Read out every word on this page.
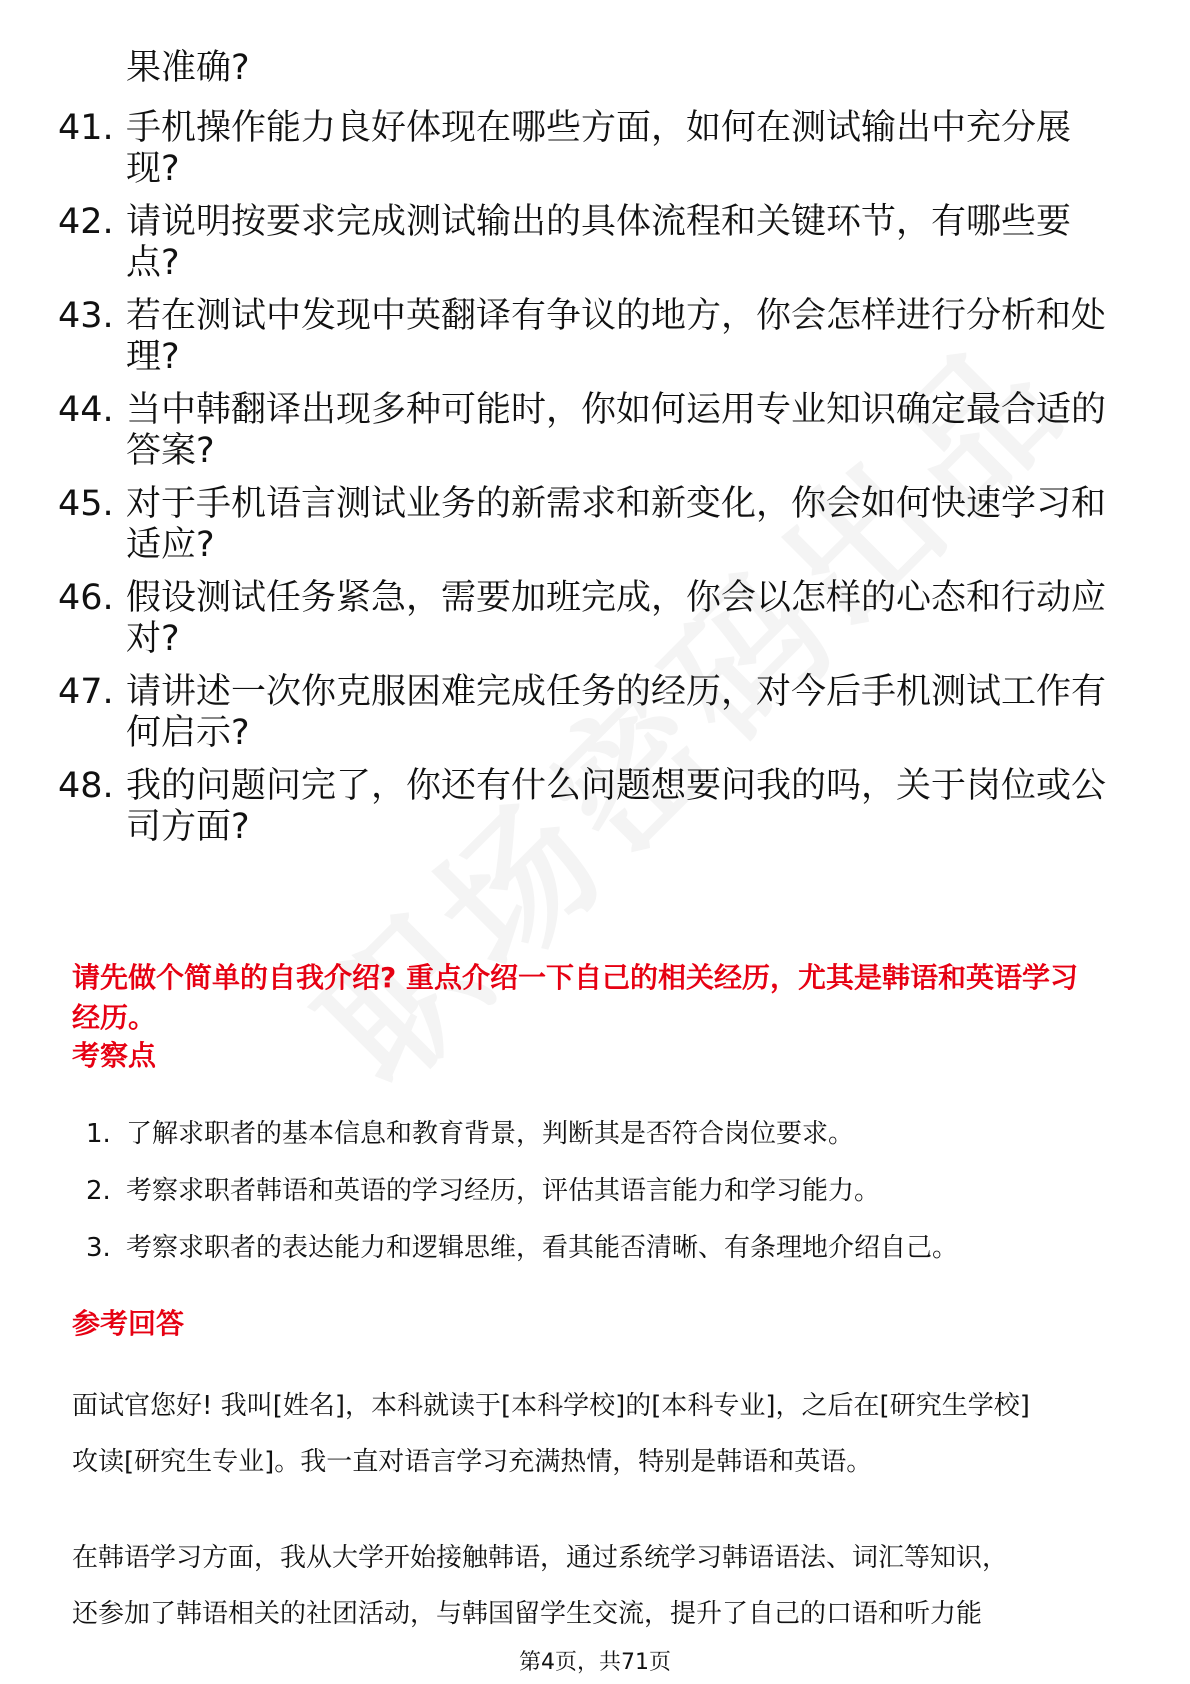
果准确?
41. 手机操作能力良好体现在哪些方面，如何在测试输出中充分展
现?
42. 请说明按要求完成测试输出的具体流程和关键环节，有哪些要
点?
43. 若在测试中发现中英翻译有争议的地方，你会怎样进行分析和处
理?
44. 当中韩翻译出现多种可能时，你如何运用专业知识确定最合适的
答案?
45. 对于手机语言测试业务的新需求和新变化，你会如何快速学习和
适应?
46. 假设测试任务紧急，需要加班完成，你会以怎样的心态和行动应
对?
47. 请讲述一次你克服困难完成任务的经历，对今后手机测试工作有
何启示?
48. 我的问题问完了，你还有什么问题想要问我的吗，关于岗位或公
司方面?
请先做个简单的自我介绍? 重点介绍一下自己的相关经历，尤其是韩语和英语学习
经历。
考察点
1. 了解求职者的基本信息和教育背景，判断其是否符合岗位要求。
2. 考察求职者韩语和英语的学习经历，评估其语言能力和学习能力。
3. 考察求职者的表达能力和逻辑思维，看其能否清晰、有条理地介绍自己。
参考回答
面试官您好! 我叫[姓名]，本科就读于[本科学校]的[本科专业]，之后在[研究生学校]
攻读[研究生专业]。我一直对语言学习充满热情，特别是韩语和英语。
在韩语学习方面，我从大学开始接触韩语，通过系统学习韩语语法、词汇等知识，
还参加了韩语相关的社团活动，与韩国留学生交流，提升了自己的口语和听力能
第4页，共71页
